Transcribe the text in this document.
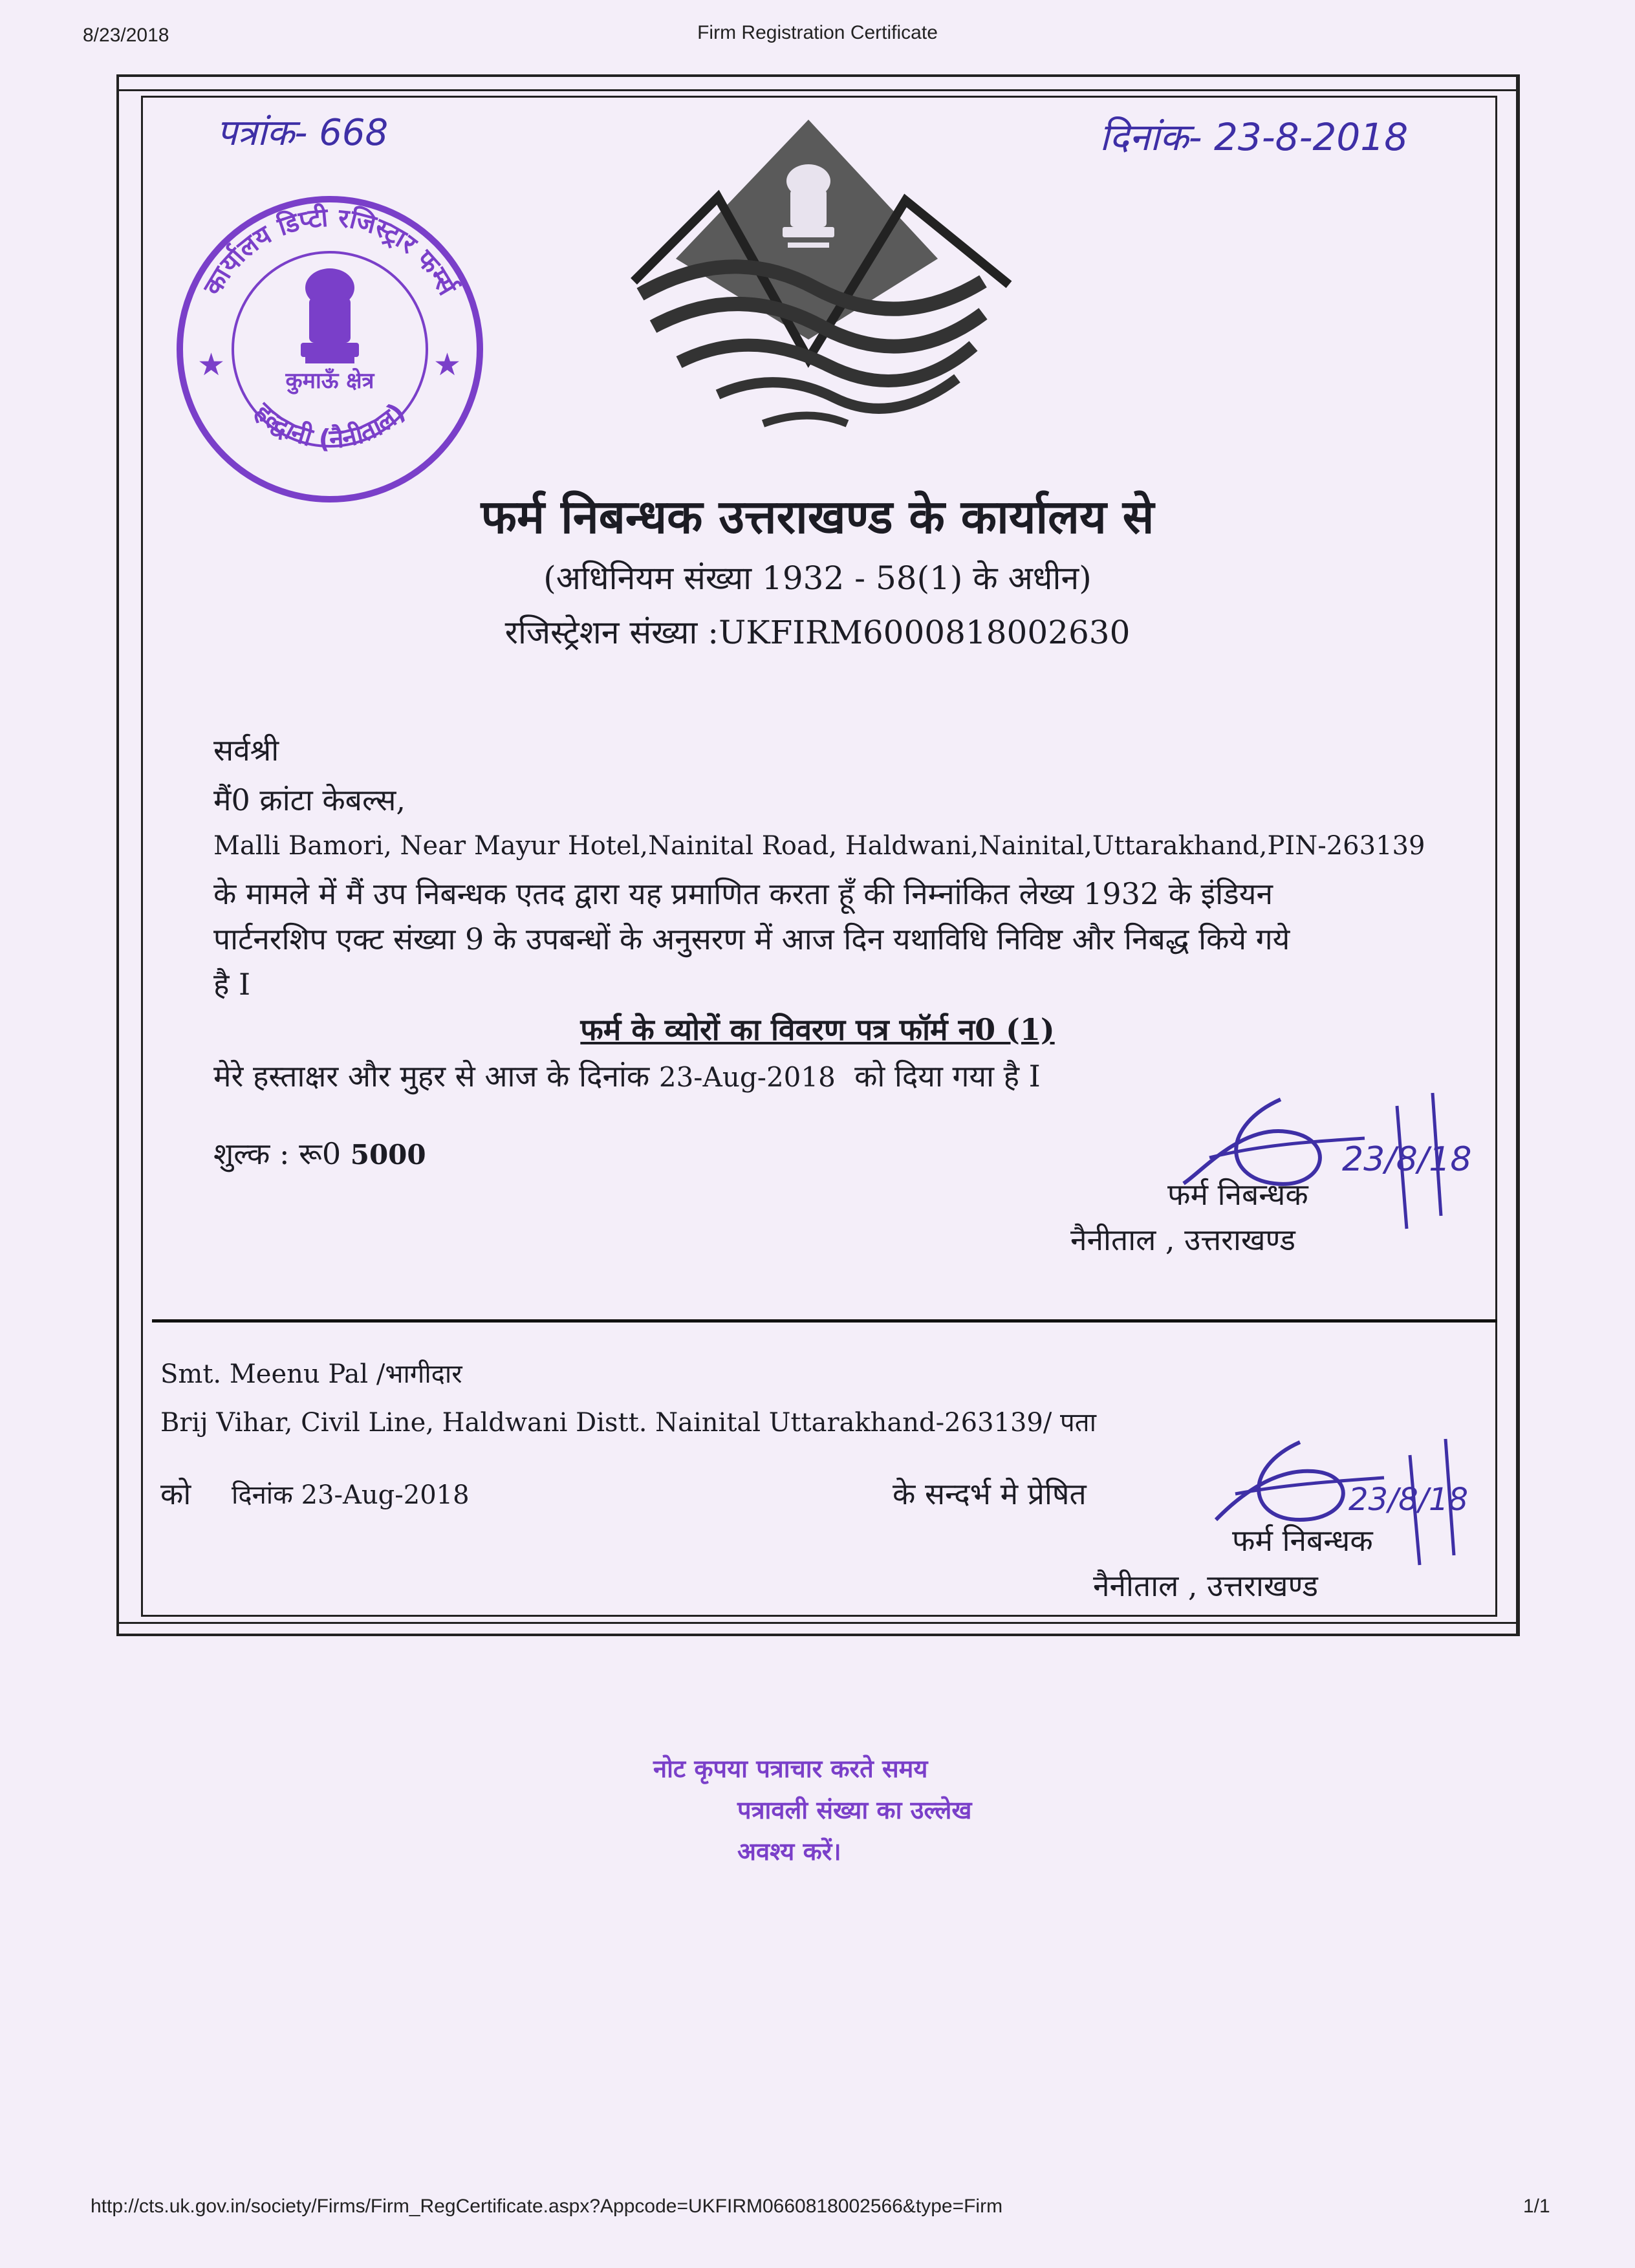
8/23/2018	Firm Registration Certificate
पत्रांक- 668	दिनांक- 23-8-2018
कार्यालय डिप्टी रजिस्ट्रार फर्म्स
हल्द्वानी (नैनीताल)
★	★
कुमाऊँ क्षेत्र
फर्म निबन्धक उत्तराखण्ड के कार्यालय से
(अधिनियम संख्या 1932 - 58(1) के अधीन)
रजिस्ट्रेशन संख्या :UKFIRM6000818002630
सर्वश्री
मैं0 क्रांटा केबल्स,
Malli Bamori, Near Mayur Hotel,Nainital Road, Haldwani,Nainital,Uttarakhand,PIN-263139
के मामले में मैं उप निबन्धक एतद द्वारा यह प्रमाणित करता हूँ की निम्नांकित लेख्य 1932 के इंडियन
पार्टनरशिप एक्ट संख्या 9 के उपबन्धों के अनुसरण में आज दिन यथाविधि निविष्ट और निबद्ध किये गये
है I
फर्म के व्योरों का विवरण पत्र फॉर्म न0 (1)
मेरे हस्ताक्षर और मुहर से आज के दिनांक 23-Aug-2018 को दिया गया है I
शुल्क : रू0 5000	23/8/18
फर्म निबन्धक
नैनीताल , उत्तराखण्ड
Smt. Meenu Pal /भागीदार
Brij Vihar, Civil Line, Haldwani Distt. Nainital Uttarakhand-263139/ पता
को दिनांक 23-Aug-2018	के सन्दर्भ मे प्रेषित	23/8/18
फर्म निबन्धक
नैनीताल , उत्तराखण्ड
नोट कृपया पत्राचार करते समय
पत्रावली संख्या का उल्लेख
अवश्य करें।
http://cts.uk.gov.in/society/Firms/Firm_RegCertificate.aspx?Appcode=UKFIRM0660818002566&type=Firm	1/1
